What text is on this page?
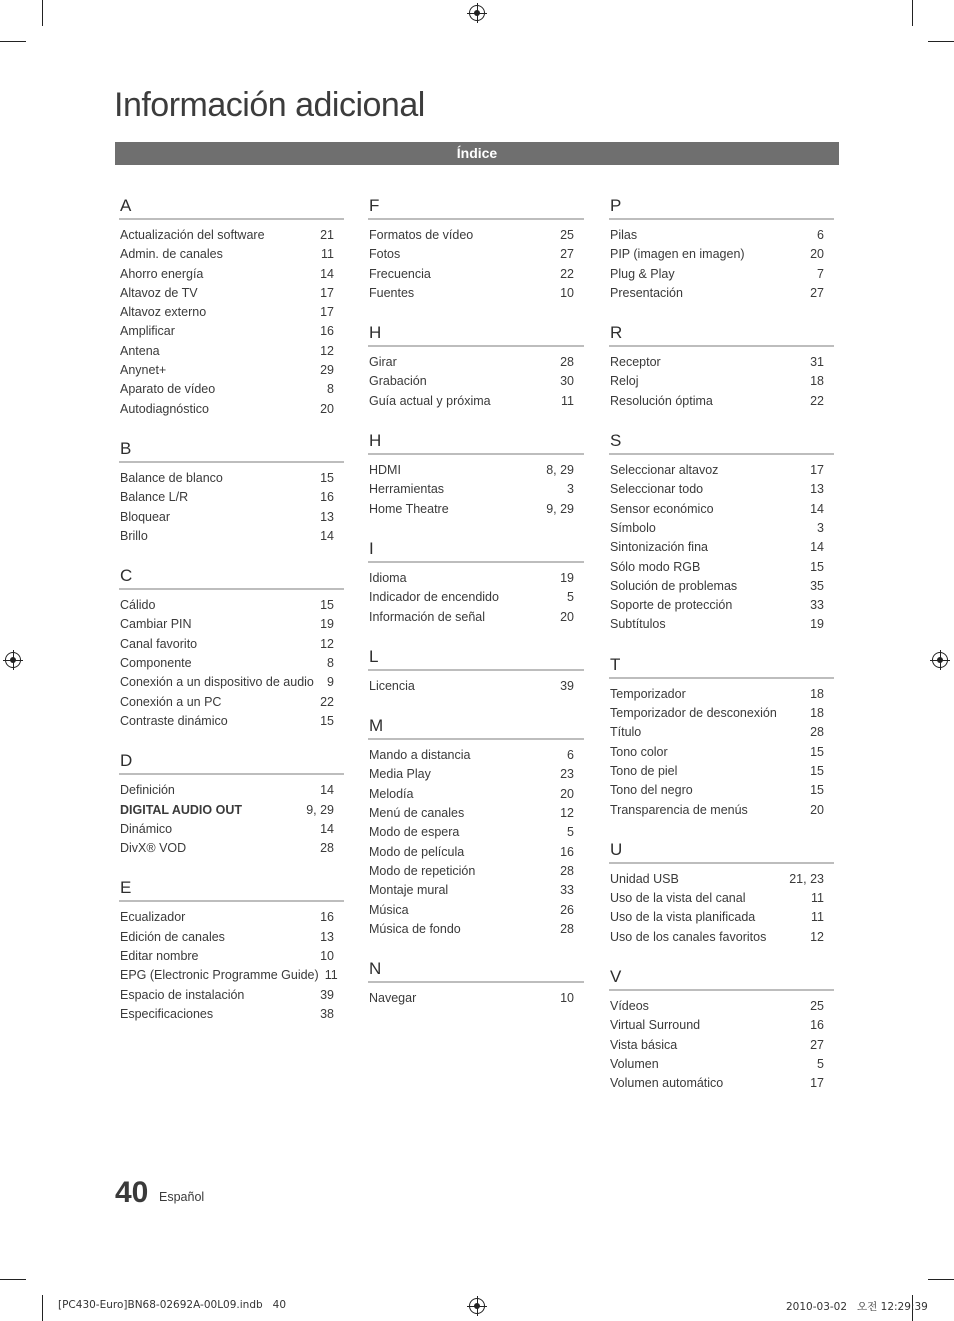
Información adicional
Índice
A
Actualización del software	21
Admin. de canales	11
Ahorro energía	14
Altavoz de TV	17
Altavoz externo	17
Amplificar	16
Antena	12
Anynet+	29
Aparato de vídeo	8
Autodiagnóstico	20
B
Balance de blanco	15
Balance L/R	16
Bloquear	13
Brillo	14
C
Cálido	15
Cambiar PIN	19
Canal favorito	12
Componente	8
Conexión a un dispositivo de audio	9
Conexión a un PC	22
Contraste dinámico	15
D
Definición	14
DIGITAL AUDIO OUT	9, 29
Dinámico	14
DivX® VOD	28
E
Ecualizador	16
Edición de canales	13
Editar nombre	10
EPG (Electronic Programme Guide) 11
Espacio de instalación	39
Especificaciones	38
F
Formatos de vídeo	25
Fotos	27
Frecuencia	22
Fuentes	10
H
Girar	28
Grabación	30
Guía actual y próxima	11
H
HDMI	8, 29
Herramientas	3
Home Theatre	9, 29
I
Idioma	19
Indicador de encendido	5
Información de señal	20
L
Licencia	39
M
Mando a distancia	6
Media Play	23
Melodía	20
Menú de canales	12
Modo de espera	5
Modo de película	16
Modo de repetición	28
Montaje mural	33
Música	26
Música de fondo	28
N
Navegar	10
P
Pilas	6
PIP (imagen en imagen)	20
Plug & Play	7
Presentación	27
R
Receptor	31
Reloj	18
Resolución óptima	22
S
Seleccionar altavoz	17
Seleccionar todo	13
Sensor económico	14
Símbolo	3
Sintonización fina	14
Sólo modo RGB	15
Solución de problemas	35
Soporte de protección	33
Subtítulos	19
T
Temporizador	18
Temporizador de desconexión	18
Título	28
Tono color	15
Tono de piel	15
Tono del negro	15
Transparencia de menús	20
U
Unidad USB	21, 23
Uso de la vista del canal	11
Uso de la vista planificada	11
Uso de los canales favoritos	12
V
Vídeos	25
Virtual Surround	16
Vista básica	27
Volumen	5
Volumen automático	17
40 Español
[PC430-Euro]BN68-02692A-00L09.indb   40	2010-03-02   오전 12:29:39
